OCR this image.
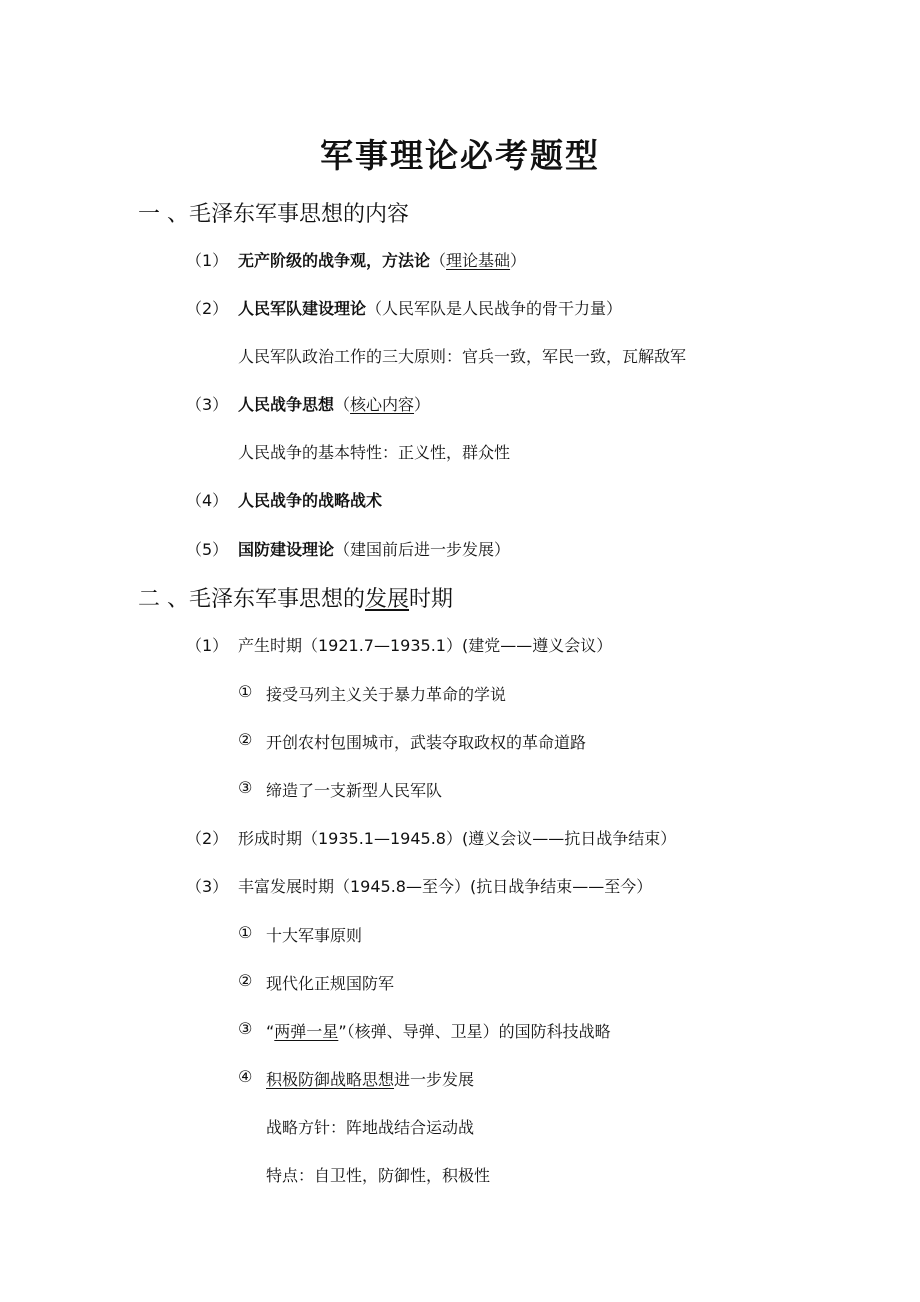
军事理论必考题型
一 、毛泽东军事思想的内容
（1） 无产阶级的战争观，方法论（理论基础）
（2） 人民军队建设理论（人民军队是人民战争的骨干力量）
人民军队政治工作的三大原则：官兵一致，军民一致，瓦解敌军
（3） 人民战争思想（核心内容）
人民战争的基本特性：正义性，群众性
（4） 人民战争的战略战术
（5） 国防建设理论（建国前后进一步发展）
二 、毛泽东军事思想的发展时期
（1） 产生时期（1921.7—1935.1）(建党——遵义会议）
① 接受马列主义关于暴力革命的学说
② 开创农村包围城市，武装夺取政权的革命道路
③ 缔造了一支新型人民军队
（2） 形成时期（1935.1—1945.8）(遵义会议——抗日战争结束）
（3） 丰富发展时期（1945.8—至今）(抗日战争结束——至今）
① 十大军事原则
② 现代化正规国防军
③ “两弹一星”（核弹、导弹、卫星）的国防科技战略
④ 积极防御战略思想进一步发展
战略方针：阵地战结合运动战
特点：自卫性，防御性，积极性
